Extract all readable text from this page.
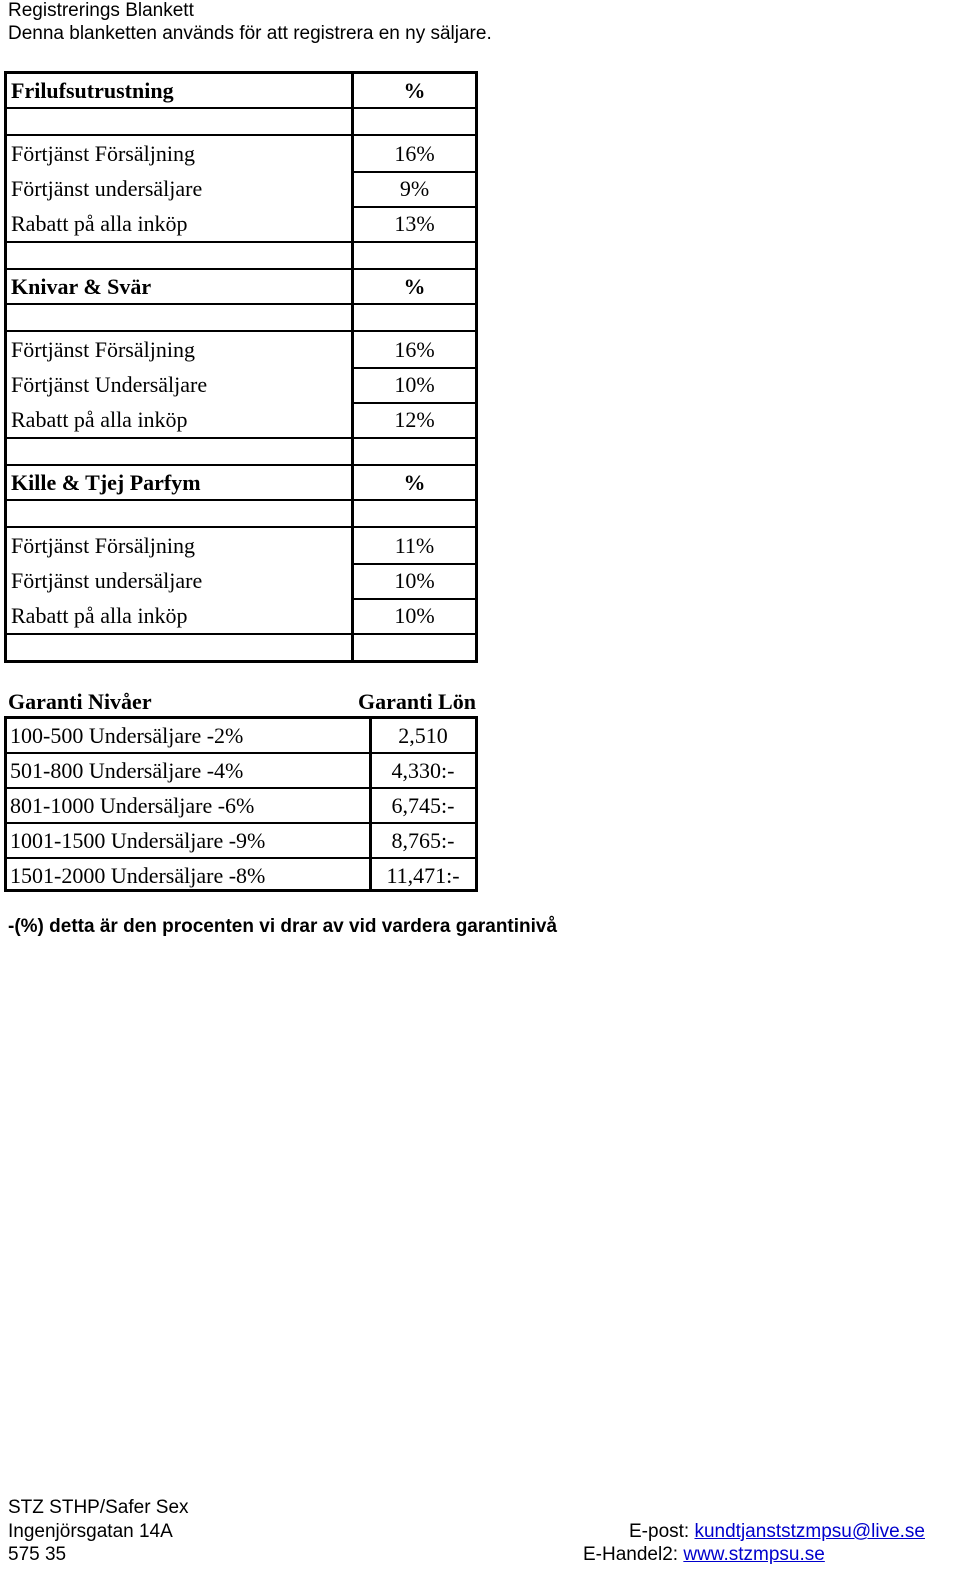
Registrerings Blankett
Denna blanketten används för att registrera en ny säljare.
Frilufsutrustning	%
Förtjänst Försäljning	16%
Förtjänst undersäljare	9%
Rabatt på alla inköp	13%
Knivar & Svär	%
Förtjänst Försäljning	16%
Förtjänst Undersäljare	10%
Rabatt på alla inköp	12%
Kille & Tjej Parfym	%
Förtjänst Försäljning	11%
Förtjänst undersäljare	10%
Rabatt på alla inköp	10%
Garanti Nivåer	Garanti Lön
100-500 Undersäljare -2%	2,510
501-800 Undersäljare -4%	4,330:-
801-1000 Undersäljare -6%	6,745:-
1001-1500 Undersäljare -9%	8,765:-
1501-2000 Undersäljare -8%	11,471:-
-(%) detta är den procenten vi drar av vid vardera garantinivå
STZ STHP/Safer Sex
Ingenjörsgatan 14A
575 35
E-post: kundtjanststzmpsu@live.se
E-Handel2: www.stzmpsu.se
